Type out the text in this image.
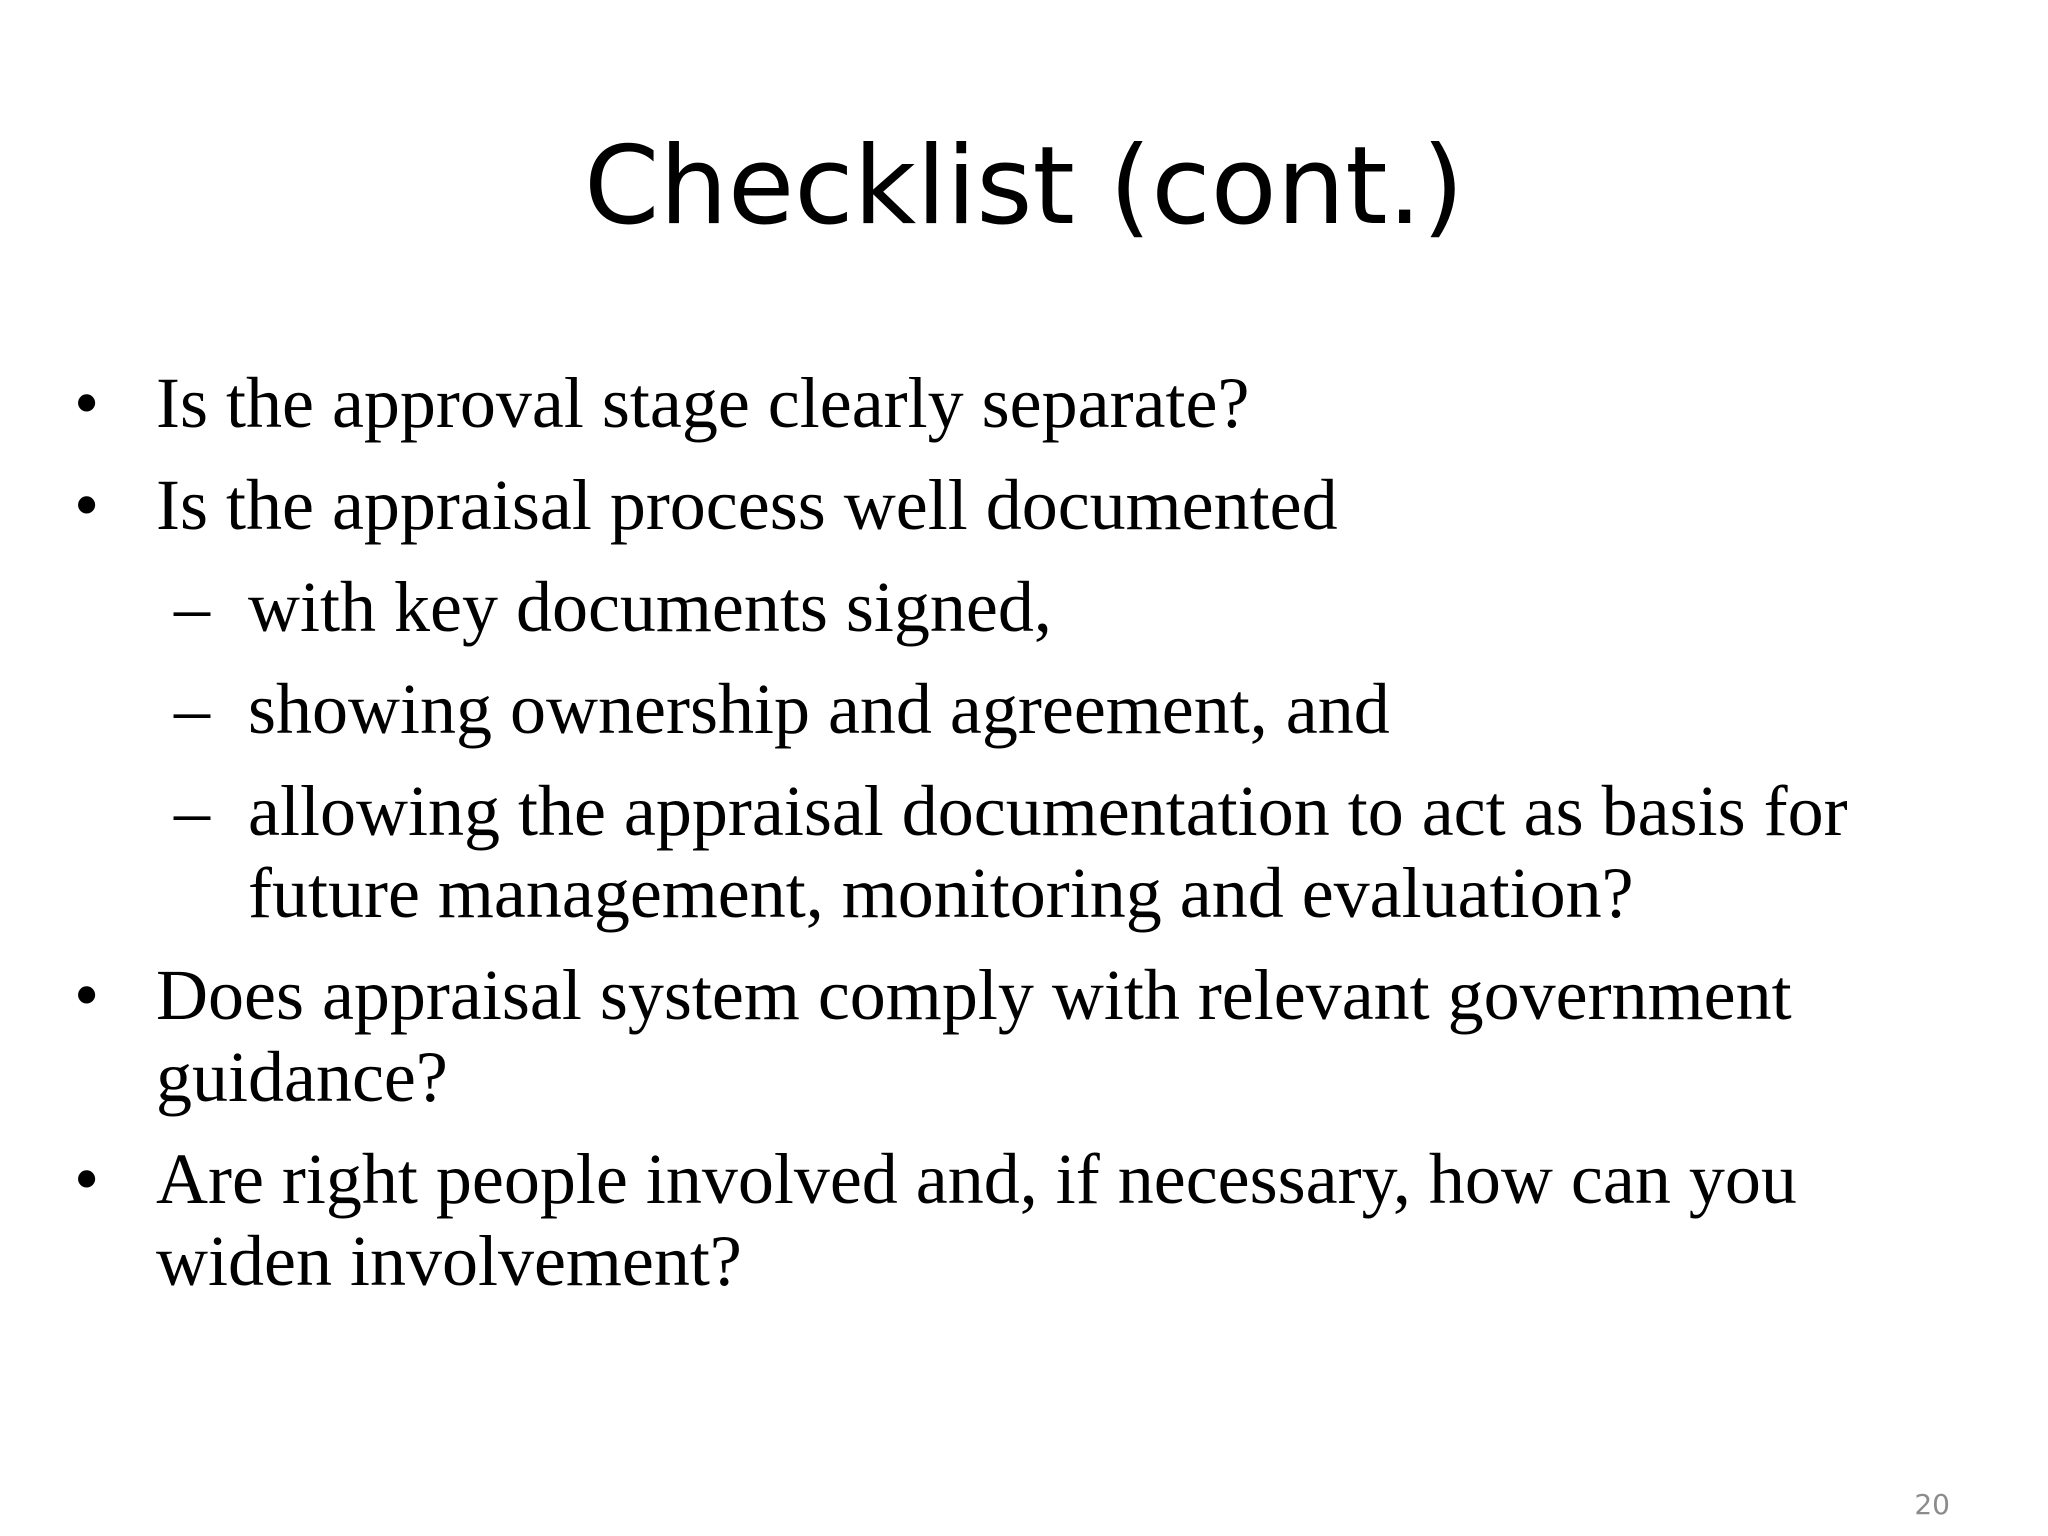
Checklist (cont.)
• Is the approval stage clearly separate?
• Is the appraisal process well documented
– with key documents signed,
– showing ownership and agreement, and
– allowing the appraisal documentation to act as basis for future management, monitoring and evaluation?
• Does appraisal system comply with relevant government guidance?
• Are right people involved and, if necessary, how can you widen involvement?
20
